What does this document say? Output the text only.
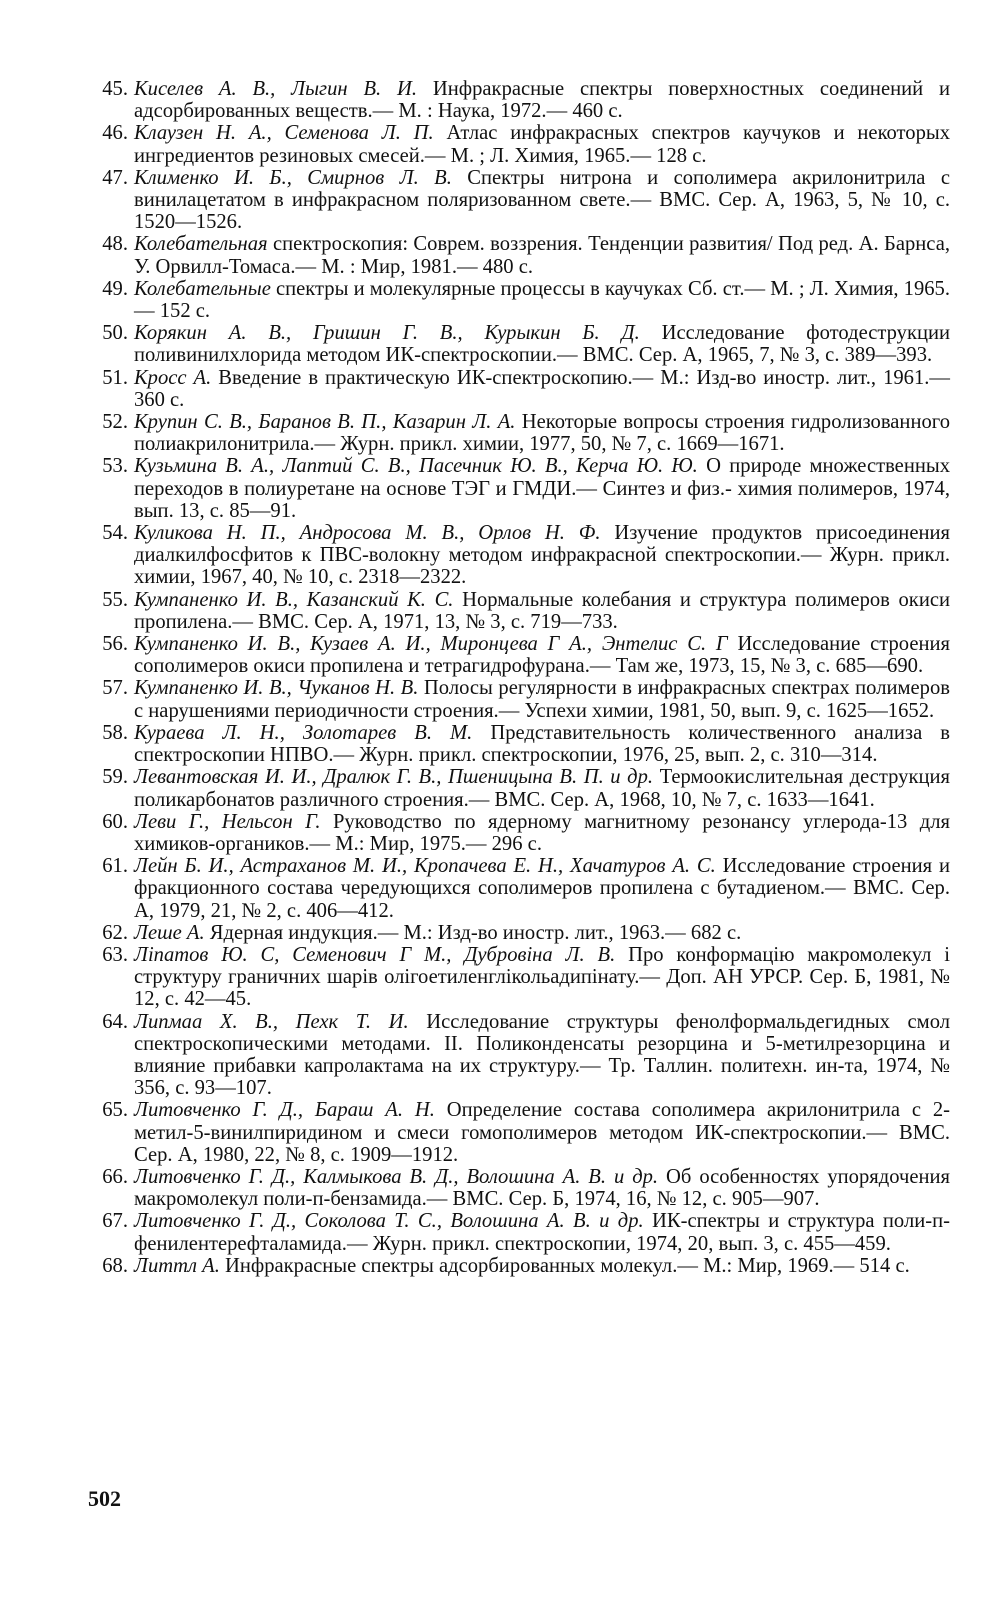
45. Киселев А. В., Лыгин В. И. Инфракрасные спектры поверхностных соединений и адсорбированных веществ.— М. : Наука, 1972.— 460 с.
46. Клаузен Н. А., Семенова Л. П. Атлас инфракрасных спектров каучуков и некоторых ингредиентов резиновых смесей.— М. ; Л. Химия, 1965.— 128 с.
47. Клименко И. Б., Смирнов Л. В. Спектры нитрона и сополимера акрилонитрила с винилацетатом в инфракрасном поляризованном свете.— ВМС. Сер. А, 1963, 5, № 10, с. 1520—1526.
48. Колебательная спектроскопия: Соврем. воззрения. Тенденции развития/ Под ред. А. Барнса, У. Орвилл-Томаса.— М. : Мир, 1981.— 480 с.
49. Колебательные спектры и молекулярные процессы в каучуках Сб. ст.— М. ; Л. Химия, 1965.— 152 с.
50. Корякин А. В., Гришин Г. В., Курыкин Б. Д. Исследование фотодеструкции поливинилхлорида методом ИК-спектроскопии.— ВМС. Сер. А, 1965, 7, № 3, с. 389—393.
51. Кросс А. Введение в практическую ИК-спектроскопию.— М.: Изд-во иностр. лит., 1961.— 360 с.
52. Крупин С. В., Баранов В. П., Казарин Л. А. Некоторые вопросы строения гидролизованного полиакрилонитрила.— Журн. прикл. химии, 1977, 50, № 7, с. 1669—1671.
53. Кузьмина В. А., Лаптий С. В., Пасечник Ю. В., Керча Ю. Ю. О природе множественных переходов в полиуретане на основе ТЭГ и ГМДИ.— Синтез и физ.- химия полимеров, 1974, вып. 13, с. 85—91.
54. Куликова Н. П., Андросова М. В., Орлов Н. Ф. Изучение продуктов присоединения диалкилфосфитов к ПВС-волокну методом инфракрасной спектроскопии.— Журн. прикл. химии, 1967, 40, № 10, с. 2318—2322.
55. Кумпаненко И. В., Казанский К. С. Нормальные колебания и структура полимеров окиси пропилена.— ВМС. Сер. А, 1971, 13, № 3, с. 719—733.
56. Кумпаненко И. В., Кузаев А. И., Миронцева Г А., Энтелис С. Г Исследование строения сополимеров окиси пропилена и тетрагидрофурана.— Там же, 1973, 15, № 3, с. 685—690.
57. Кумпаненко И. В., Чуканов Н. В. Полосы регулярности в инфракрасных спектрах полимеров с нарушениями периодичности строения.— Успехи химии, 1981, 50, вып. 9, с. 1625—1652.
58. Кураева Л. Н., Золотарев В. М. Представительность количественного анализа в спектроскопии НПВО.— Журн. прикл. спектроскопии, 1976, 25, вып. 2, с. 310—314.
59. Левантовская И. И., Дралюк Г. В., Пшеницына В. П. и др. Термоокислительная деструкция поликарбонатов различного строения.— ВМС. Сер. А, 1968, 10, № 7, с. 1633—1641.
60. Леви Г., Нельсон Г. Руководство по ядерному магнитному резонансу углерода-13 для химиков-органиков.— М.: Мир, 1975.— 296 с.
61. Лейн Б. И., Астраханов М. И., Кропачева Е. Н., Хачатуров А. С. Исследование строения и фракционного состава чередующихся сополимеров пропилена с бутадиеном.— ВМС. Сер. А, 1979, 21, № 2, с. 406—412.
62. Леше А. Ядерная индукция.— М.: Изд-во иностр. лит., 1963.— 682 с.
63. Ліпатов Ю. С, Семенович Г М., Дубровіна Л. В. Про конформацію макромолекул і структуру граничних шарів олігоетиленглікольадипінату.— Доп. АН УРСР. Сер. Б, 1981, № 12, с. 42—45.
64. Липмаа Х. В., Пехк Т. И. Исследование структуры фенолформальдегидных смол спектроскопическими методами. II. Поликонденсаты резорцина и 5-метилрезорцина и влияние прибавки капролактама на их структуру.— Тр. Таллин. политехн. ин-та, 1974, № 356, с. 93—107.
65. Литовченко Г. Д., Бараш А. Н. Определение состава сополимера акрилонитрила с 2-метил-5-винилпиридином и смеси гомополимеров методом ИК-спектроскопии.— ВМС. Сер. А, 1980, 22, № 8, с. 1909—1912.
66. Литовченко Г. Д., Калмыкова В. Д., Волошина А. В. и др. Об особенностях упорядочения макромолекул поли-п-бензамида.— ВМС. Сер. Б, 1974, 16, № 12, с. 905—907.
67. Литовченко Г. Д., Соколова Т. С., Волошина А. В. и др. ИК-спектры и структура поли-п-фенилентерефталамида.— Журн. прикл. спектроскопии, 1974, 20, вып. 3, с. 455—459.
68. Литтл А. Инфракрасные спектры адсорбированных молекул.— М.: Мир, 1969.— 514 с.
502
